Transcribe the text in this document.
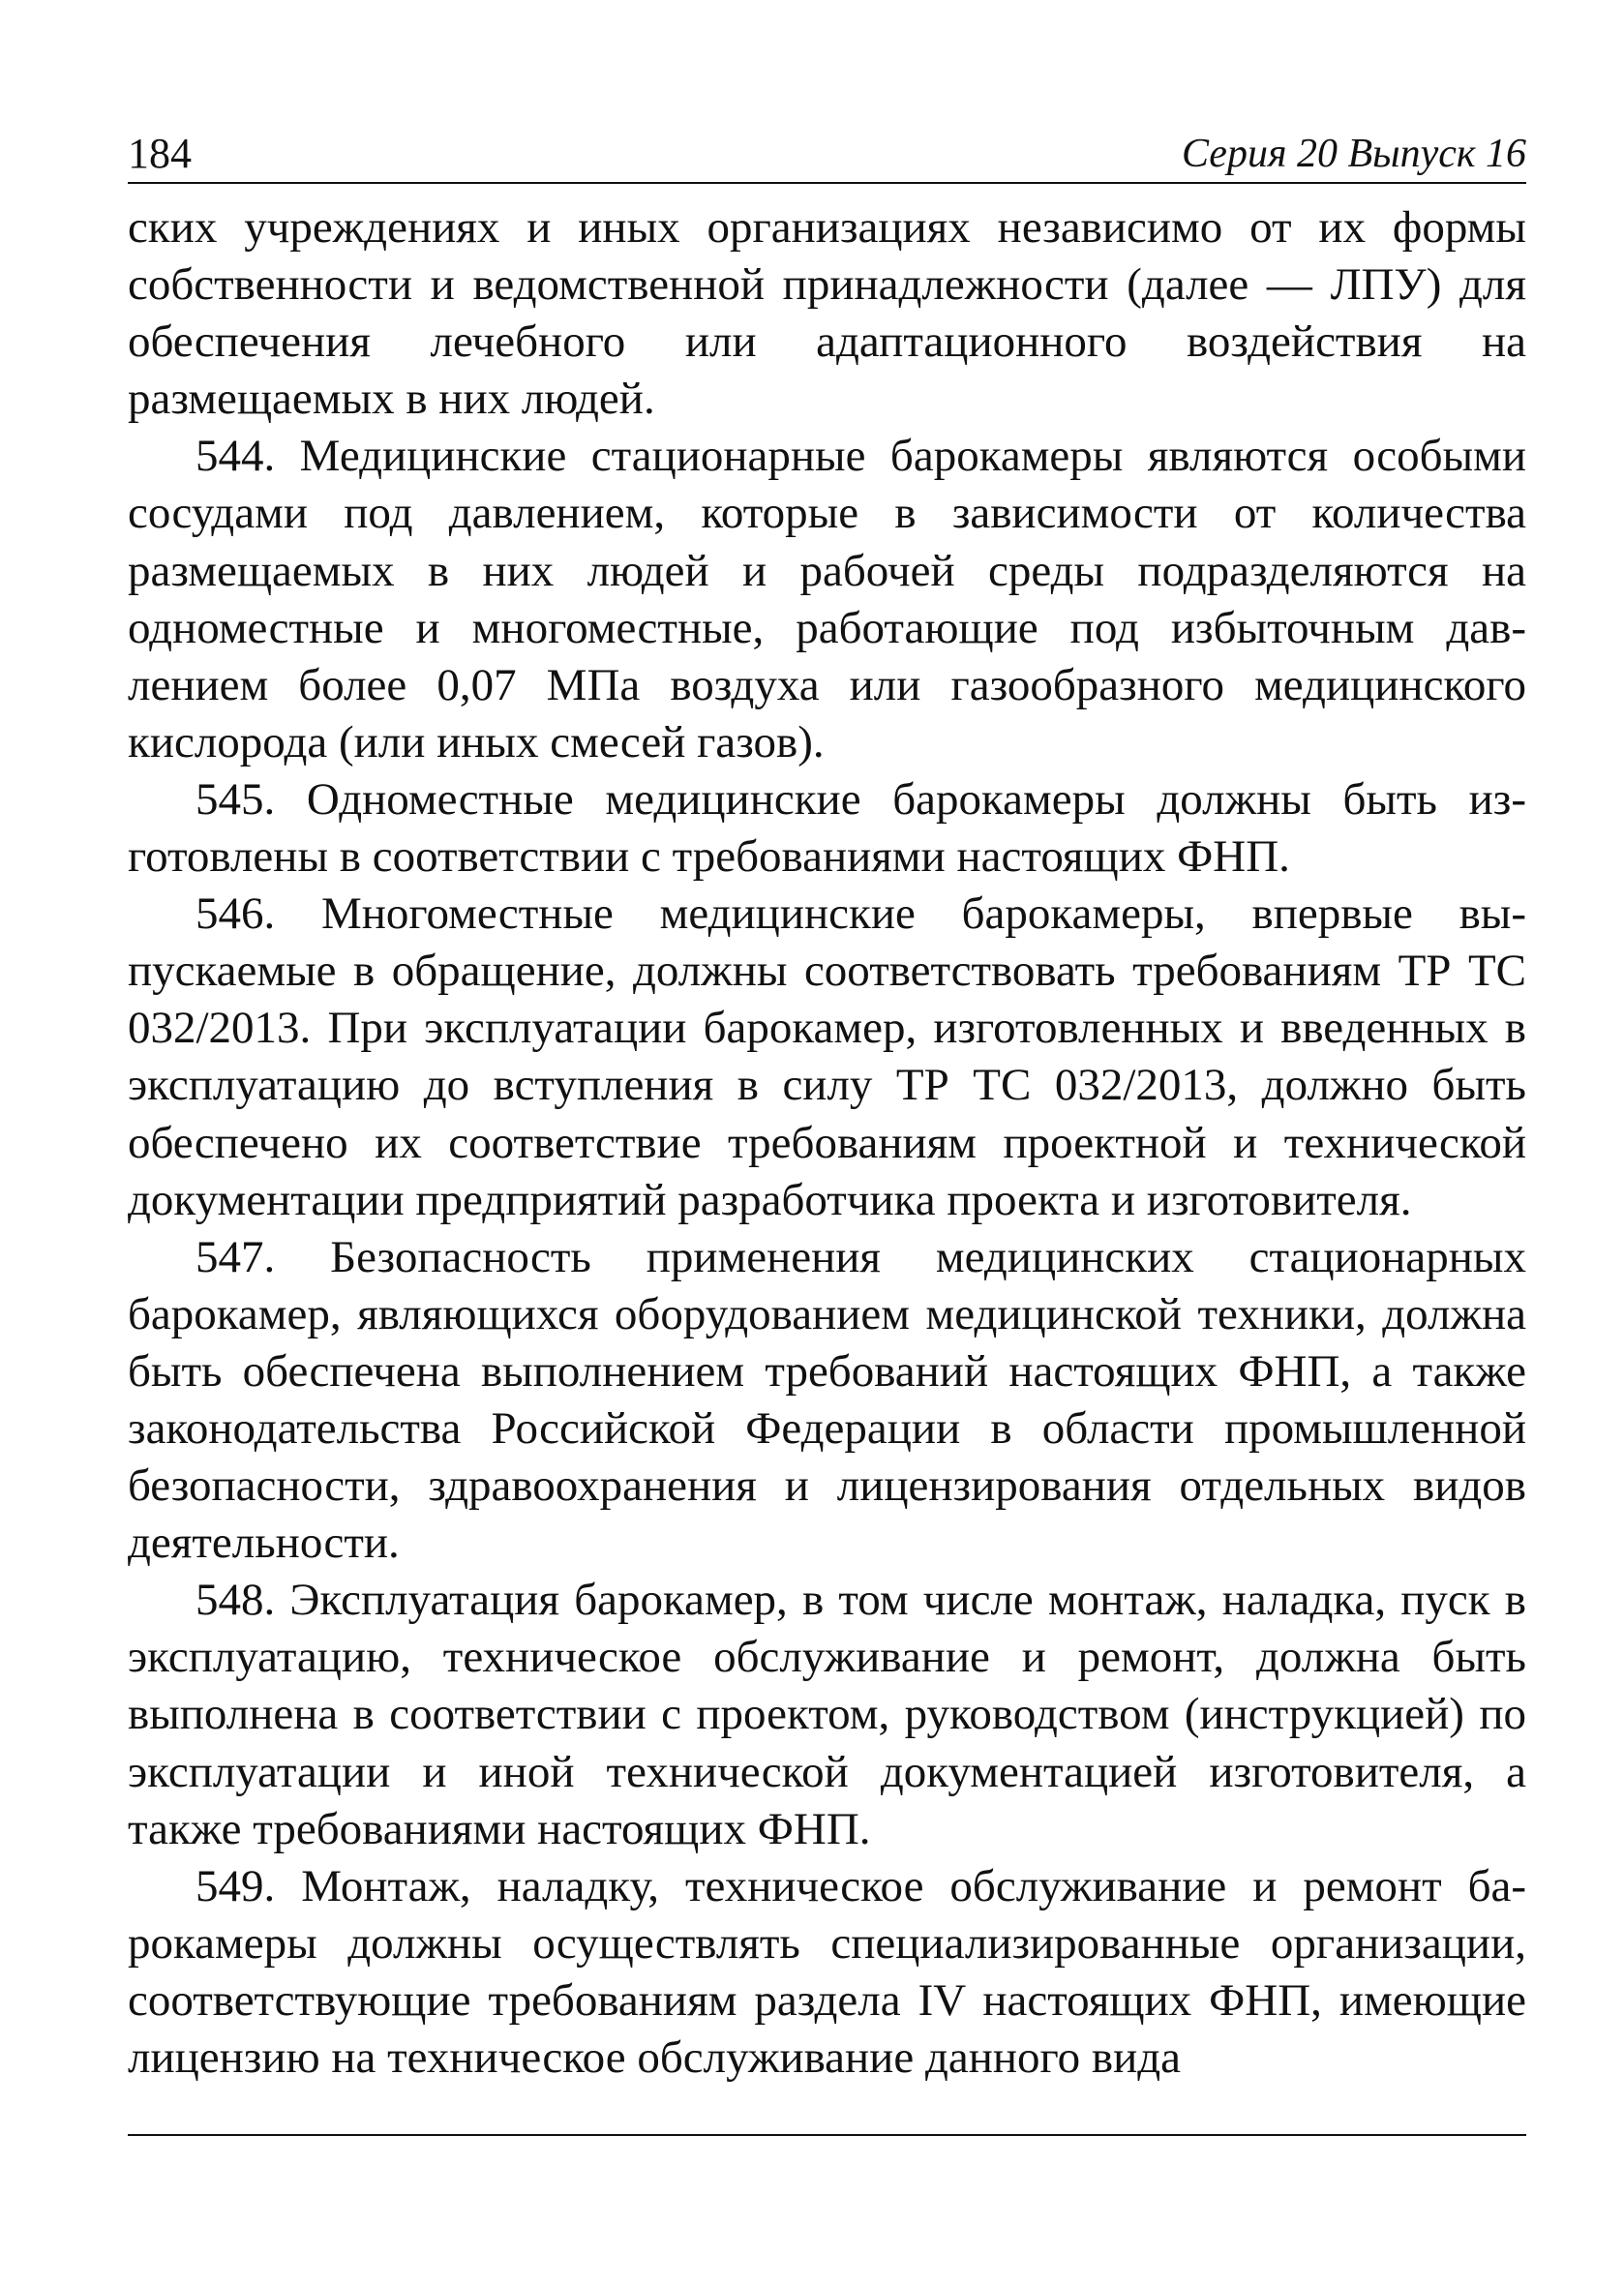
184	Серия 20 Выпуск 16

ских учреждениях и иных организациях независимо от их формы собственности и ведомственной принадлежности (далее — ЛПУ) для обеспечения лечебного или адаптационного воздействия на размещаемых в них людей.

544. Медицинские стационарные барокамеры являются особыми сосудами под давлением, которые в зависимости от количества размещаемых в них людей и рабочей среды подразделяются на одноместные и многоместные, работающие под избыточным давлением более 0,07 МПа воздуха или газообразного медицинского кислорода (или иных смесей газов).

545. Одноместные медицинские барокамеры должны быть изготовлены в соответствии с требованиями настоящих ФНП.

546. Многоместные медицинские барокамеры, впервые выпускаемые в обращение, должны соответствовать требованиям ТР ТС 032/2013. При эксплуатации барокамер, изготовленных и введенных в эксплуатацию до вступления в силу ТР ТС 032/2013, должно быть обеспечено их соответствие требованиям проектной и технической документации предприятий разработчика проекта и изготовителя.

547. Безопасность применения медицинских стационарных барокамер, являющихся оборудованием медицинской техники, должна быть обеспечена выполнением требований настоящих ФНП, а также законодательства Российской Федерации в области промышленной безопасности, здравоохранения и лицензирования отдельных видов деятельности.

548. Эксплуатация барокамер, в том числе монтаж, наладка, пуск в эксплуатацию, техническое обслуживание и ремонт, должна быть выполнена в соответствии с проектом, руководством (инструкцией) по эксплуатации и иной технической документацией изготовителя, а также требованиями настоящих ФНП.

549. Монтаж, наладку, техническое обслуживание и ремонт барокамеры должны осуществлять специализированные организации, соответствующие требованиям раздела IV настоящих ФНП, имеющие лицензию на техническое обслуживание данного вида
